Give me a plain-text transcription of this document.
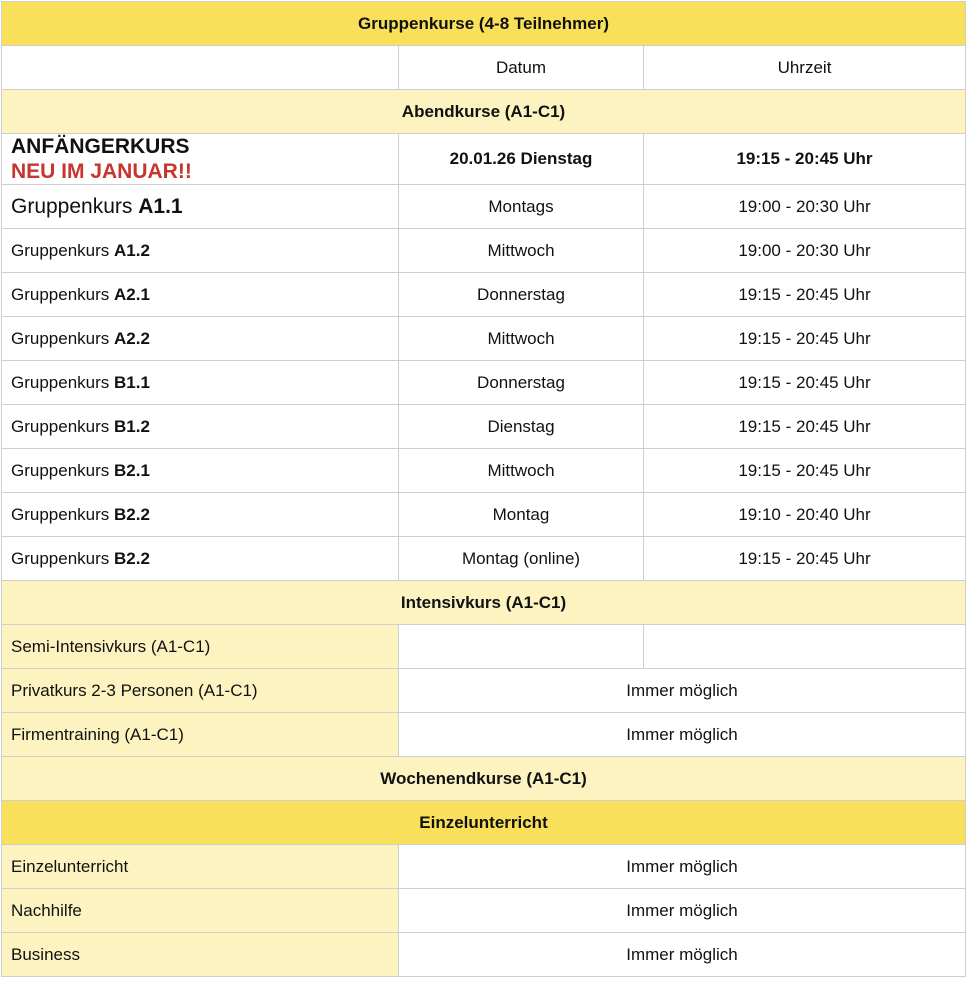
Gruppenkurse (4-8 Teilnehmer)		
	Datum	Uhrzeit
Abendkurse (A1-C1)		

ANFÄNGERKURS
NEU IM JANUAR!!	20.01.26 Dienstag	19:15 - 20:45 Uhr
Gruppenkurs A1.1	Montags	19:00 - 20:30 Uhr
Gruppenkurs A1.2	Mittwoch	19:00 - 20:30 Uhr
Gruppenkurs A2.1	Donnerstag	19:15 - 20:45 Uhr
Gruppenkurs A2.2	Mittwoch	19:15 - 20:45 Uhr
Gruppenkurs B1.1	Donnerstag	19:15 - 20:45 Uhr
Gruppenkurs B1.2	Dienstag	19:15 - 20:45 Uhr
Gruppenkurs B2.1	Mittwoch	19:15 - 20:45 Uhr
Gruppenkurs B2.2	Montag	19:10 - 20:40 Uhr
Gruppenkurs B2.2	Montag (online)	19:15 - 20:45 Uhr
Intensivkurs (A1-C1)		
Semi-Intensivkurs (A1-C1)		
Privatkurs 2-3 Personen (A1-C1)	Immer möglich	
Firmentraining (A1-C1)	Immer möglich	
Wochenendkurse (A1-C1)		
Einzelunterricht		
Einzelunterricht	Immer möglich	
Nachhilfe	Immer möglich	
Business	Immer möglich	
